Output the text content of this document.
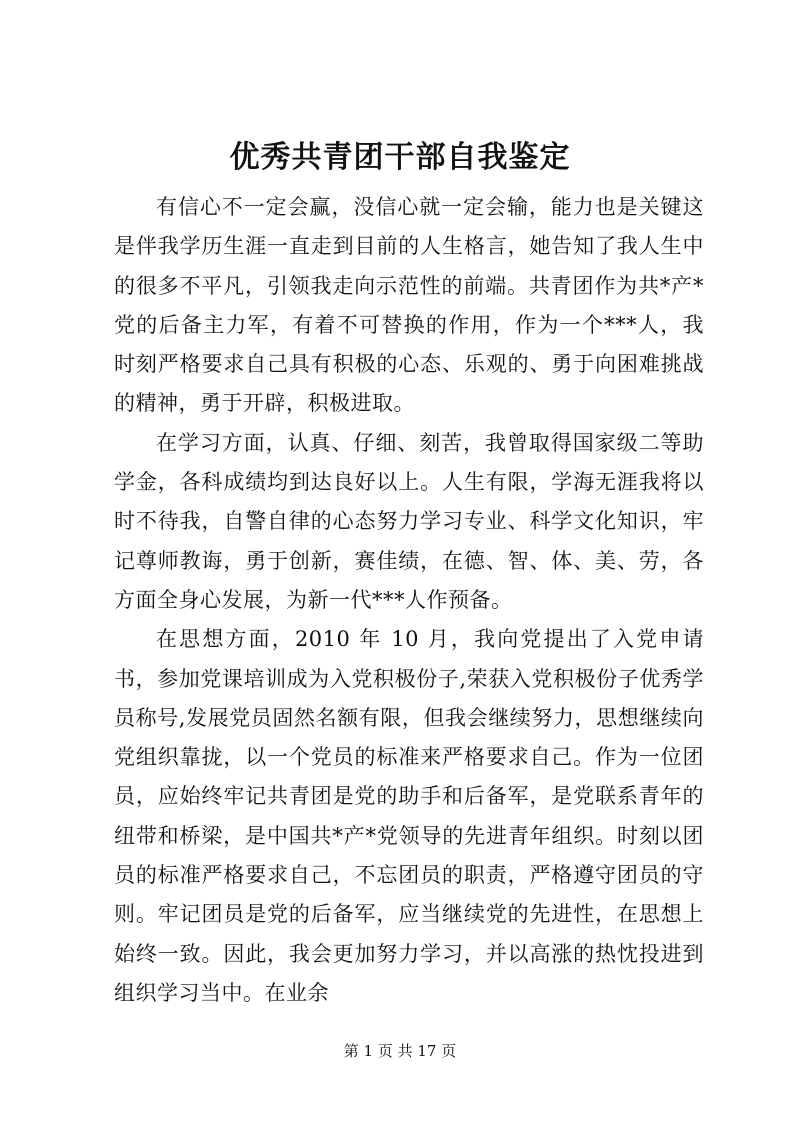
优秀共青团干部自我鉴定

有信心不一定会赢，没信心就一定会输，能力也是关键这是伴我学历生涯一直走到目前的人生格言，她告知了我人生中的很多不平凡，引领我走向示范性的前端。共青团作为共*产*党的后备主力军，有着不可替换的作用，作为一个***人，我时刻严格要求自己具有积极的心态、乐观的、勇于向困难挑战的精神，勇于开辟，积极进取。

在学习方面，认真、仔细、刻苦，我曾取得国家级二等助学金，各科成绩均到达良好以上。人生有限，学海无涯我将以时不待我，自警自律的心态努力学习专业、科学文化知识，牢记尊师教诲，勇于创新，赛佳绩，在德、智、体、美、劳，各方面全身心发展，为新一代***人作预备。

在思想方面，2010 年 10 月，我向党提出了入党申请书，参加党课培训成为入党积极份子,荣获入党积极份子优秀学员称号,发展党员固然名额有限，但我会继续努力，思想继续向党组织靠拢，以一个党员的标准来严格要求自己。作为一位团员，应始终牢记共青团是党的助手和后备军，是党联系青年的纽带和桥梁，是中国共*产*党领导的先进青年组织。时刻以团员的标准严格要求自己，不忘团员的职责，严格遵守团员的守则。牢记团员是党的后备军，应当继续党的先进性，在思想上始终一致。因此，我会更加努力学习，并以高涨的热忱投进到组织学习当中。在业余

第 1 页 共 17 页
